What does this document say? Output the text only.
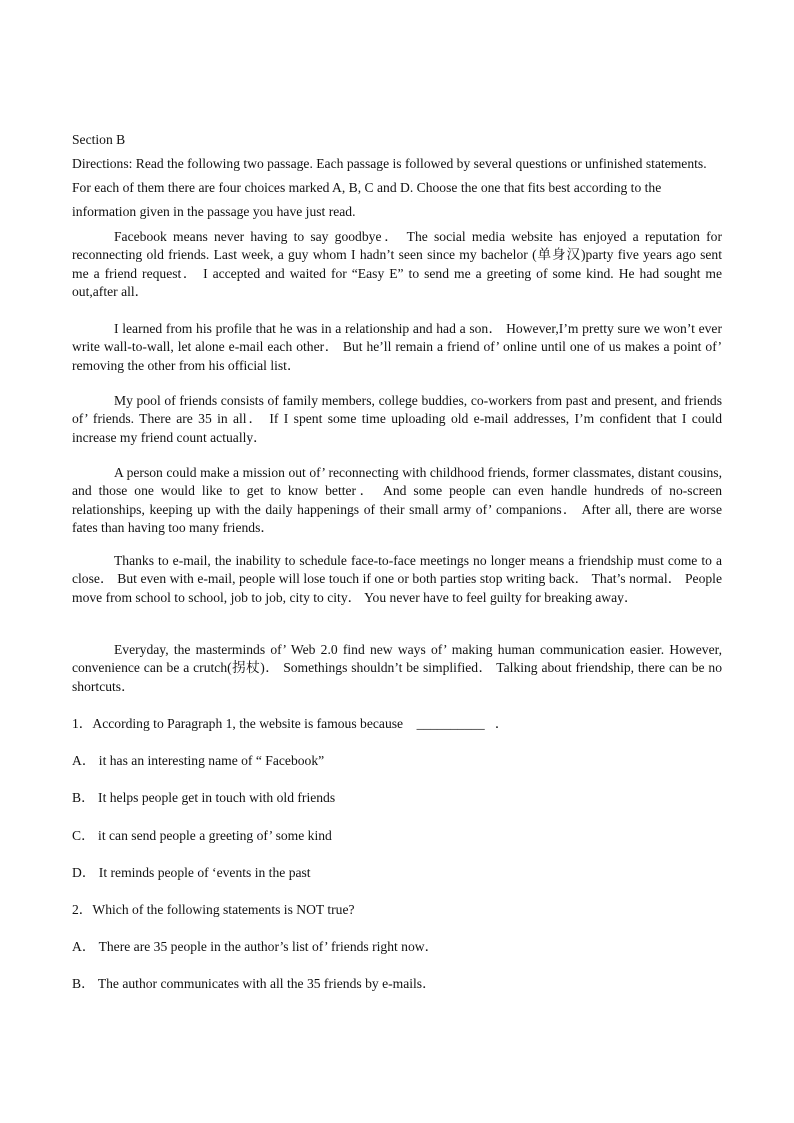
Section B
Directions: Read the following two passage. Each passage is followed by several questions or unfinished statements. For each of them there are four choices marked A, B, C and D. Choose the one that fits best according to the information given in the passage you have just read.
Facebook means never having to say goodbye． The social media website has enjoyed a reputation for reconnecting old friends. Last week, a guy whom I hadn’t seen since my bachelor (单身汉)party five years ago sent me a friend request． I accepted and waited for “Easy E” to send me a greeting of some kind. He had sought me out,after all．
I learned from his profile that he was in a relationship and had a son． However,I’m pretty sure we won’t ever write wall-to-wall, let alone e-mail each other． But he’ll remain a friend of’ online until one of us makes a point of’ removing the other from his official list．
My pool of friends consists of family members, college buddies, co-workers from past and present, and friends of’ friends. There are 35 in all． If I spent some time uploading old e-mail addresses, I’m confident that I could increase my friend count actually．
A person could make a mission out of’ reconnecting with childhood friends, former classmates, distant cousins, and those one would like to get to know better． And some people can even handle hundreds of no-screen relationships, keeping up with the daily happenings of their small army of’ companions． After all, there are worse fates than having too many friends．
Thanks to e-mail, the inability to schedule face-to-face meetings no longer means a friendship must come to a close． But even with e-mail, people will lose touch if one or both parties stop writing back． That’s normal． People move from school to school, job to job, city to city． You never have to feel guilty for breaking away．
Everyday, the masterminds of’ Web 2.0 find new ways of’ making human communication easier. However, convenience can be a crutch(拐杖)． Somethings shouldn’t be simplified． Talking about friendship, there can be no shortcuts．
1．According to Paragraph 1, the website is famous because    __________   ．
A． it has an interesting name of “ Facebook”
B． It helps people get in touch with old friends
C． it can send people a greeting of’ some kind
D． It reminds people of ‘events in the past
2．Which of the following statements is NOT true?
A． There are 35 people in the author’s list of’ friends right now．
B． The author communicates with all the 35 friends by e-mails．
